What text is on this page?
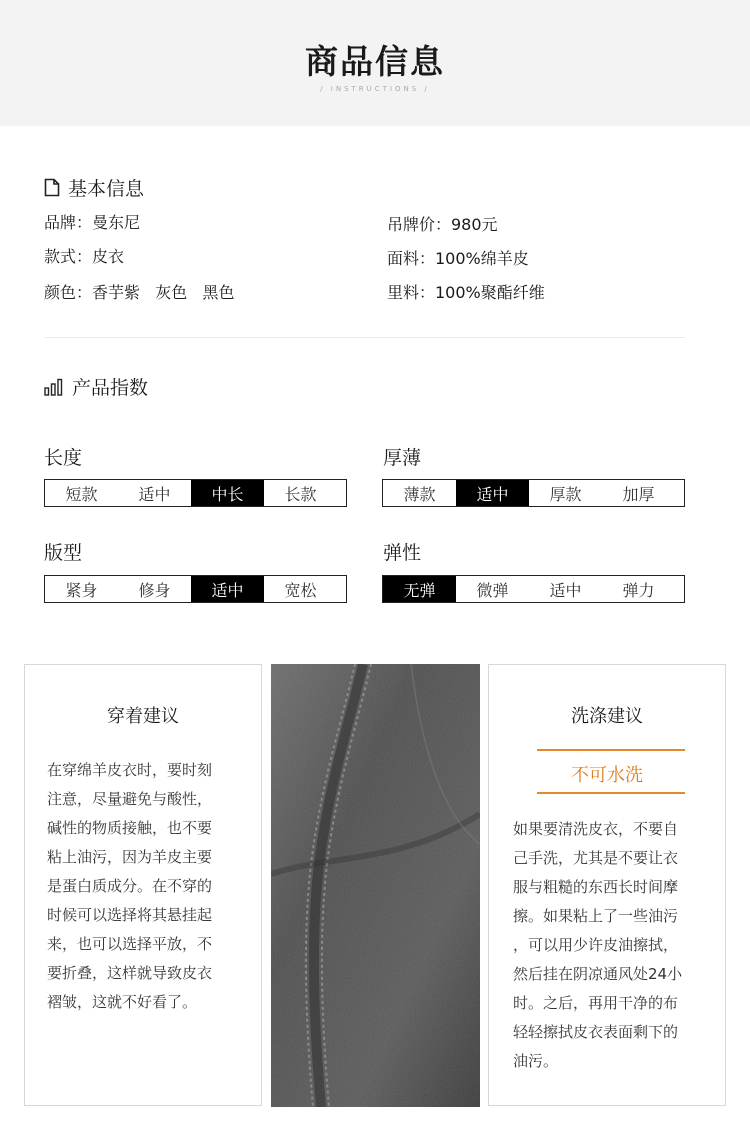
商品信息
/ INSTRUCTIONS /
基本信息
品牌：曼东尼
款式：皮衣
颜色：香芋紫   灰色   黑色
吊牌价：980元
面料：100%绵羊皮
里料：100%聚酯纤维
产品指数
长度
短款	适中	中长	长款
厚薄
薄款	适中	厚款	加厚
版型
紧身	修身	适中	宽松
弹性
无弹	微弹	适中	弹力
穿着建议
在穿绵羊皮衣时，要时刻
注意，尽量避免与酸性，
碱性的物质接触，也不要
粘上油污，因为羊皮主要
是蛋白质成分。在不穿的
时候可以选择将其悬挂起
来，也可以选择平放，不
要折叠，这样就导致皮衣
褶皱，这就不好看了。
洗涤建议
不可水洗
如果要清洗皮衣，不要自
己手洗，尤其是不要让衣
服与粗糙的东西长时间摩
擦。如果粘上了一些油污
，可以用少许皮油擦拭，
然后挂在阴凉通风处24小
时。之后，再用干净的布
轻轻擦拭皮衣表面剩下的
油污。
